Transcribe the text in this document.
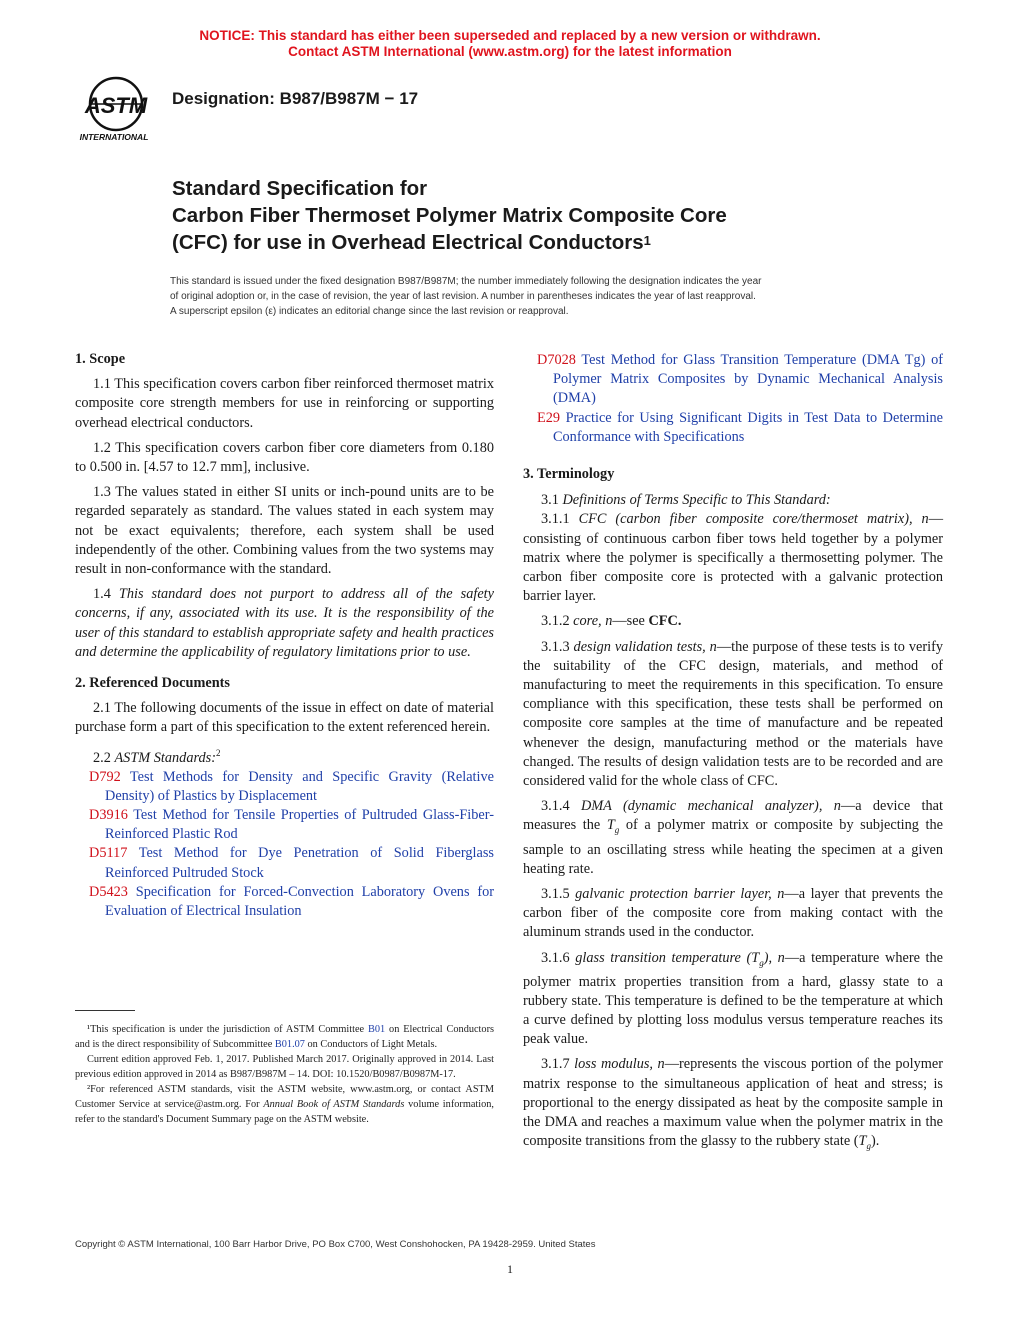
NOTICE: This standard has either been superseded and replaced by a new version or withdrawn.
Contact ASTM International (www.astm.org) for the latest information
ASTM
INTERNATIONAL
Designation: B987/B987M − 17
Standard Specification for
Carbon Fiber Thermoset Polymer Matrix Composite Core
(CFC) for use in Overhead Electrical Conductors$^1$
This standard is issued under the fixed designation B987/B987M; the number immediately following the designation indicates the year
of original adoption or, in the case of revision, the year of last revision. A number in parentheses indicates the year of last reapproval.
A superscript epsilon (ε) indicates an editorial change since the last revision or reapproval.
1. Scope

1.1 This specification covers carbon fiber reinforced thermoset matrix composite core strength members for use in reinforcing or supporting overhead electrical conductors.

1.2 This specification covers carbon fiber core diameters from 0.180 to 0.500 in. [4.57 to 12.7 mm], inclusive.

1.3 The values stated in either SI units or inch-pound units are to be regarded separately as standard. The values stated in each system may not be exact equivalents; therefore, each system shall be used independently of the other. Combining values from the two systems may result in non-conformance with the standard.

1.4 This standard does not purport to address all of the safety concerns, if any, associated with its use. It is the responsibility of the user of this standard to establish appropriate safety and health practices and determine the applicability of regulatory limitations prior to use.

2. Referenced Documents

2.1 The following documents of the issue in effect on date of material purchase form a part of this specification to the extent referenced herein.

2.2 ASTM Standards:$^2$

D792 Test Methods for Density and Specific Gravity (Relative Density) of Plastics by Displacement
D3916 Test Method for Tensile Properties of Pultruded Glass-Fiber-Reinforced Plastic Rod
D5117 Test Method for Dye Penetration of Solid Fiberglass Reinforced Pultruded Stock
D5423 Specification for Forced-Convection Laboratory Ovens for Evaluation of Electrical Insulation

¹This specification is under the jurisdiction of ASTM Committee B01 on Electrical Conductors and is the direct responsibility of Subcommittee B01.07 on Conductors of Light Metals.

Current edition approved Feb. 1, 2017. Published March 2017. Originally approved in 2014. Last previous edition approved in 2014 as B987/B987M – 14. DOI: 10.1520/B0987/B0987M-17.

²For referenced ASTM standards, visit the ASTM website, www.astm.org, or contact ASTM Customer Service at service@astm.org. For Annual Book of ASTM Standards volume information, refer to the standard's Document Summary page on the ASTM website.

D7028 Test Method for Glass Transition Temperature (DMA Tg) of Polymer Matrix Composites by Dynamic Mechanical Analysis (DMA)
E29 Practice for Using Significant Digits in Test Data to Determine Conformance with Specifications
3. Terminology

3.1 Definitions of Terms Specific to This Standard:

3.1.1 CFC (carbon fiber composite core/thermoset matrix), n—consisting of continuous carbon fiber tows held together by a polymer matrix where the polymer is specifically a thermosetting polymer. The carbon fiber composite core is protected with a galvanic protection barrier layer.

3.1.2 core, n—see CFC.

3.1.3 design validation tests, n—the purpose of these tests is to verify the suitability of the CFC design, materials, and method of manufacturing to meet the requirements in this specification. To ensure compliance with this specification, these tests shall be performed on composite core samples at the time of manufacture and be repeated whenever the design, manufacturing method or the materials have changed. The results of design validation tests are to be recorded and are considered valid for the whole class of CFC.

3.1.4 DMA (dynamic mechanical analyzer), n—a device that measures the $T_g$ of a polymer matrix or composite by subjecting the sample to an oscillating stress while heating the specimen at a given heating rate.

3.1.5 galvanic protection barrier layer, n—a layer that prevents the carbon fiber of the composite core from making contact with the aluminum strands used in the conductor.

3.1.6 glass transition temperature $(T_g)$, n—a temperature where the polymer matrix properties transition from a hard, glassy state to a rubbery state. This temperature is defined to be the temperature at which a curve defined by plotting loss modulus versus temperature reaches its peak value.

3.1.7 loss modulus, n—represents the viscous portion of the polymer matrix response to the simultaneous application of heat and stress; is proportional to the energy dissipated as heat by the composite sample in the DMA and reaches a maximum value when the polymer matrix in the composite transitions from the glassy to the rubbery state $(T_g)$.

Copyright © ASTM International, 100 Barr Harbor Drive, PO Box C700, West Conshohocken, PA 19428-2959. United States
1
